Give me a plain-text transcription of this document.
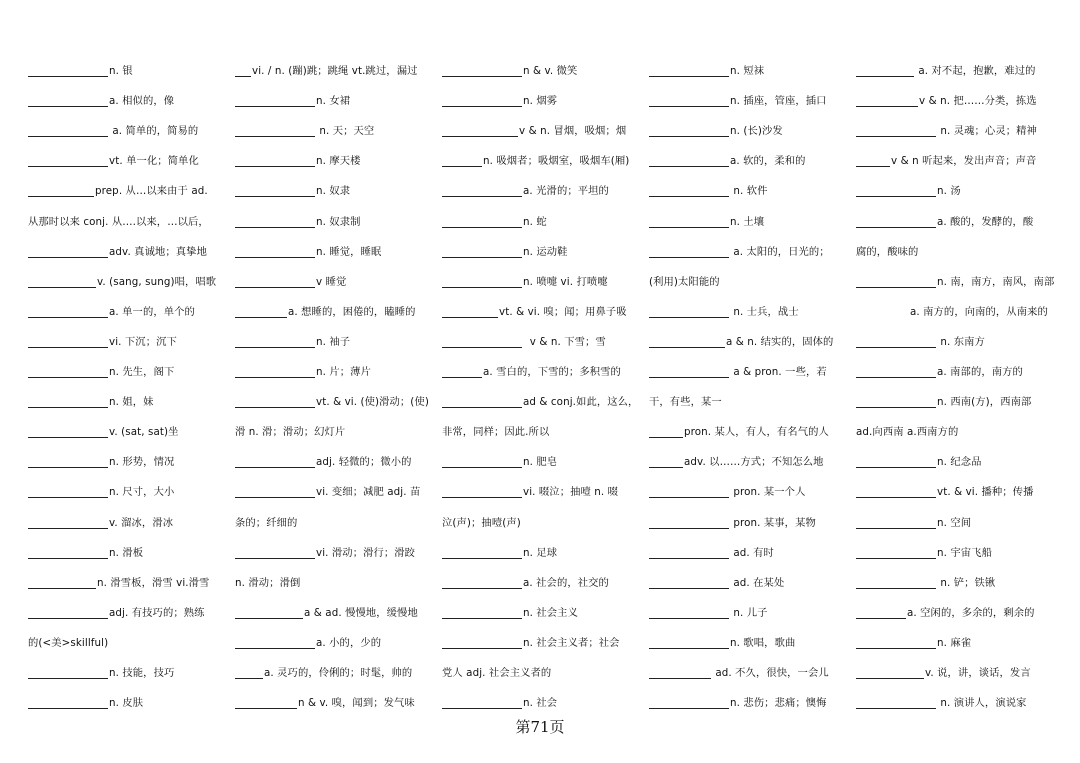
n. 银
a. 相似的，像
a. 简单的，简易的
vt. 单一化；简单化
prep. 从…以来由于 ad.
从那时以来 conj. 从….以来，…以后，
adv. 真诚地；真挚地
v. (sang, sung)唱，唱歌
a. 单一的，单个的
vi. 下沉；沉下
n. 先生，阁下
n. 姐，妹
v. (sat, sat)坐
n. 形势，情况
n. 尺寸，大小
v. 溜冰，滑冰
n. 滑板
n. 滑雪板，滑雪 vi.滑雪
adj. 有技巧的；熟练
的(<美>skillful)
n. 技能，技巧
n. 皮肤
vi. / n. (蹦)跳；跳绳 vt.跳过，漏过
n. 女裙
n. 天；天空
n. 摩天楼
n. 奴隶
n. 奴隶制
n. 睡觉，睡眠
v 睡觉
a. 想睡的，困倦的，瞌睡的
n. 袖子
n. 片；薄片
vt. & vi. (使)滑动；(使)
滑 n. 滑；滑动；幻灯片
adj. 轻微的；微小的
vi. 变细；减肥 adj. 苗
条的；纤细的
vi. 滑动；滑行；滑跤
n. 滑动；滑倒
a & ad. 慢慢地，缓慢地
a. 小的，少的
a. 灵巧的，伶俐的；时髦，帅的
n & v. 嗅，闻到；发气味
n & v. 微笑
n. 烟雾
v & n. 冒烟，吸烟；烟
n. 吸烟者；吸烟室，吸烟车(厢)
a. 光滑的；平坦的
n. 蛇
n. 运动鞋
n. 喷嚏 vi. 打喷嚏
vt. & vi. 嗅；闻；用鼻子吸
v & n. 下雪；雪
a. 雪白的，下雪的；多积雪的
ad & conj.如此，这么，
非常，同样；因此.所以
n. 肥皂
vi. 啜泣；抽噎 n. 啜
泣(声)；抽噎(声)
n. 足球
a. 社会的，社交的
n. 社会主义
n. 社会主义者；社会
党人 adj. 社会主义者的
n. 社会
n. 短袜
n. 插座，管座，插口
n. (长)沙发
a. 软的，柔和的
n. 软件
n. 土壤
a. 太阳的，日光的；
(利用)太阳能的
n. 士兵，战士
a & n. 结实的，固体的
a & pron. 一些，若
干，有些，某一
pron. 某人，有人，有名气的人
adv. 以……方式；不知怎么地
pron. 某一个人
pron. 某事，某物
ad. 有时
ad. 在某处
n. 儿子
n. 歌唱，歌曲
ad. 不久，很快，一会儿
n. 悲伤；悲痛；懊悔
a. 对不起，抱歉，难过的
v & n. 把……分类，拣选
n. 灵魂；心灵；精神
v & n 听起来，发出声音；声音
n. 汤
a. 酸的，发酵的，酸
腐的，酸味的
n. 南，南方，南风，南部
a. 南方的，向南的，从南来的
n. 东南方
a. 南部的，南方的
n. 西南(方)，西南部
ad.向西南 a.西南方的
n. 纪念品
vt. & vi. 播种；传播
n. 空间
n. 宇宙飞船
n. 铲；铁锹
a. 空闲的，多余的，剩余的
n. 麻雀
v. 说，讲，谈话，发言
n. 演讲人，演说家
第71页
